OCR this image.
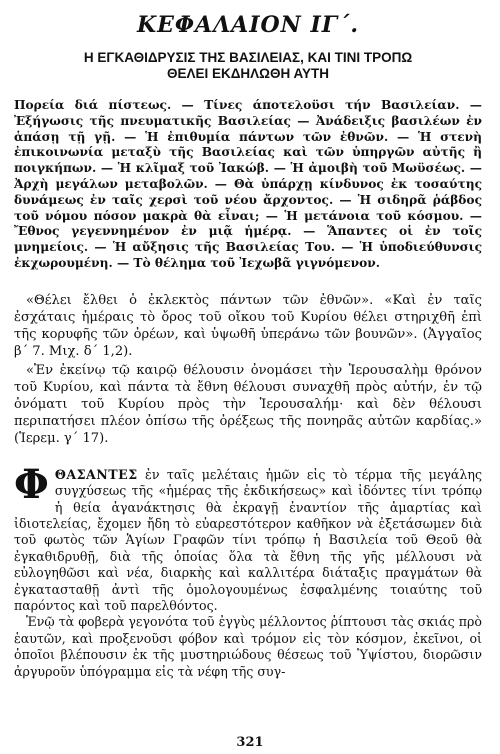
ΚΕΦΑΛΑΙΟΝ ΙΓ΄.
Η ΕΓΚΑΘΙΔΡΥΣΙΣ ΤΗΣ ΒΑΣΙΛΕΙΑΣ, ΚΑΙ ΤΙΝΙ ΤΡΟΠΩ
ΘΕΛΕΙ ΕΚΔΗΛΩΘΗ ΑΥΤΗ

Πορεία διά πίστεως. — Τίνες άποτελοϋσι τήν Βασιλείαν. — Ἐξήγωσις τῆς πνευματικῆς Βασιλείας — Ἀνάδειξις βασιλέων ἐν ἁπάσῃ τῇ γῇ. — Ἡ ἐπιθυμία πάντων τῶν ἐθνῶν. — Ἡ στενὴ ἐπικοινωνία μεταξὺ τῆς Βασιλείας καὶ τῶν ὑπηργῶν αὐτῆς ἢ ποιγκήπων. — Ἡ κλῖμαξ τοῦ Ἰακώβ. — Ἡ ἀμοιβὴ τοῦ Μωϋσέως. — Ἀρχὴ μεγάλων μεταβολῶν. — Θὰ ὑπάρχῃ κίνδυνος ἐκ τοσαύτης δυνάμεως ἐν ταῖς χερσὶ τοῦ νέου ἄρχοντος. — Ἡ σιδηρᾶ ῥάβδος τοῦ νόμου πόσον μακρὰ θὰ εἶναι; — Ἡ μετάνοια τοῦ κόσμου. — Ἔθνος γεγεννημένον ἐν μιᾷ ἡμέρᾳ. — Ἅπαντες οἱ ἐν τοῖς μνημείοις. — Ἡ αὔξησις τῆς Βασιλείας Του. — Ἡ ὑποδιεύθυνσις ἐκχωρουμένη. — Τὸ θέλημα τοῦ Ἰεχωβᾶ γιγνόμενον.

«Θέλει ἔλθει ὁ ἐκλεκτὸς πάντων τῶν ἐθνῶν». «Καὶ ἐν ταῖς ἐσχάταις ἡμέραις τὸ ὄρος τοῦ οἴκου τοῦ Κυρίου θέλει στηριχθῆ ἐπὶ τῆς κορυφῆς τῶν ὀρέων, καὶ ὑψωθῆ ὑπεράνω τῶν βουνῶν». (Ἀγγαῖος β΄ 7. Μιχ. δ΄ 1,2).

«Ἐν ἐκείνῳ τῷ καιρῷ θέλουσιν ὀνομάσει τὴν Ἱερουσαλὴμ θρόνον τοῦ Κυρίου, καὶ πάντα τὰ ἔθνη θέλουσι συναχθῆ πρὸς αὐτήν, ἐν τῷ ὀνόματι τοῦ Κυρίου πρὸς τὴν Ἱερουσαλήμ· καὶ δὲν θέλουσι περιπατήσει πλέον ὀπίσω τῆς ὀρέξεως τῆς πονηρᾶς αὐτῶν καρδίας.» (Ἱερεμ. γ΄ 17).

ΦΘΑΣΑΝΤΕΣ ἐν ταῖς μελέταις ἡμῶν εἰς τὸ τέρμα τῆς μεγάλης συγχύσεως τῆς «ἡμέρας τῆς ἐκδικήσεως» καὶ ἰδόντες τίνι τρόπῳ ἡ θεία ἀγανάκτησις θὰ ἐκραγῇ ἐναντίον τῆς ἁμαρτίας καὶ ἰδιοτελείας, ἔχομεν ἤδη τὸ εὐαρεστότερον καθῆκον νὰ ἐξετάσωμεν διὰ τοῦ φωτὸς τῶν Ἁγίων Γραφῶν τίνι τρόπῳ ἡ Βασιλεία τοῦ Θεοῦ θὰ ἐγκαθιδρυθῇ, διὰ τῆς ὁποίας ὅλα τὰ ἔθνη τῆς γῆς μέλλουσι νὰ εὐλογηθῶσι καὶ νέα, διαρκὴς καὶ καλλιτέρα διάταξις πραγμάτων θὰ ἐγκατασταθῇ ἀντὶ τῆς ὁμολογουμένως ἐσφαλμένης τοιαύτης τοῦ παρόντος καὶ τοῦ παρελθόντος.

Ἐνῷ τὰ φοβερὰ γεγονότα τοῦ ἐγγὺς μέλλοντος ῥίπτουσι τὰς σκιάς πρὸ ἑαυτῶν, καὶ προξενοῦσι φόβον καὶ τρόμον εἰς τὸν κόσμον, ἐκεῖνοι, οἱ ὁποῖοι βλέπουσιν ἐκ τῆς μυστηριώδους θέσεως τοῦ Ὑψίστου, διορῶσιν ἀργυροῦν ὑπόγραμμα εἰς τὰ νέφη τῆς συγ-

321
